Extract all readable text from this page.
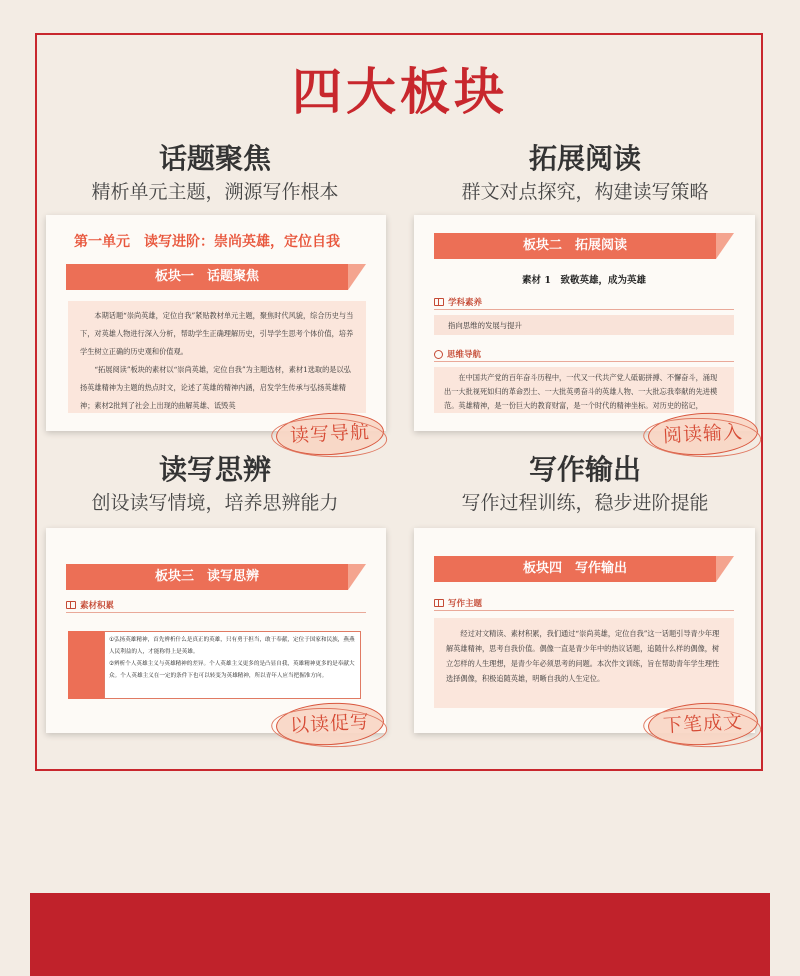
四大板块
话题聚焦
精析单元主题，溯源写作根本
第一单元　读写进阶：崇尚英雄，定位自我
板块一　话题聚焦

本期话题“崇尚英雄，定位自我”紧贴教材单元主题，聚焦时代风貌，综合历史与当下，对英雄人物进行深入分析，帮助学生正确理解历史，引导学生思考个体价值，培养学生树立正确的历史观和价值观。

“拓展阅读”板块的素材以“崇尚英雄，定位自我”为主题选材，素材1选取的是以弘扬英雄精神为主题的热点时文，论述了英雄的精神内涵，启发学生传承与弘扬英雄精神；素材2批判了社会上出现的曲解英雄、诋毁英

读写导航
拓展阅读
群文对点探究，构建读写策略
板块二　拓展阅读
素材 1　致敬英雄，成为英雄
学科素养
指向思维的发展与提升
思维导航

在中国共产党的百年奋斗历程中，一代又一代共产党人砥砺拼搏、不懈奋斗，涌现出一大批视死如归的革命烈士、一大批英勇奋斗的英雄人物、一大批忘我奉献的先进模范。英雄精神，是一份巨大的教育财富，是一个时代的精神坐标。对历史的铭记，

阅读输入
读写思辨
创设读写情境，培养思辨能力
板块三　读写思辨
素材积累

①弘扬英雄精神，首先辨析什么是真正的英雄，只有勇于担当，敢于奉献，定位于国家和民族，燕燕人民利益的人，才能称得上是英雄。

②辨析个人英雄主义与英雄精神的差异。个人英雄主义更多的是凸显自我，英雄精神更多的是奉献大众。个人英雄主义在一定的条件下也可以转变为英雄精神，所以青年人应当把握准方向。

以读促写
写作输出
写作过程训练，稳步进阶提能
板块四　写作输出
写作主题

经过对文精读、素材积累，我们通过“崇尚英雄，定位自我”这一话题引导青少年理解英雄精神，思考自我价值。偶像一直是青少年中的热议话题，追随什么样的偶像，树立怎样的人生理想，是青少年必须思考的问题。本次作文训练，旨在帮助青年学生理性选择偶像，积极追随英雄，明晰自我的人生定位。

下笔成文
